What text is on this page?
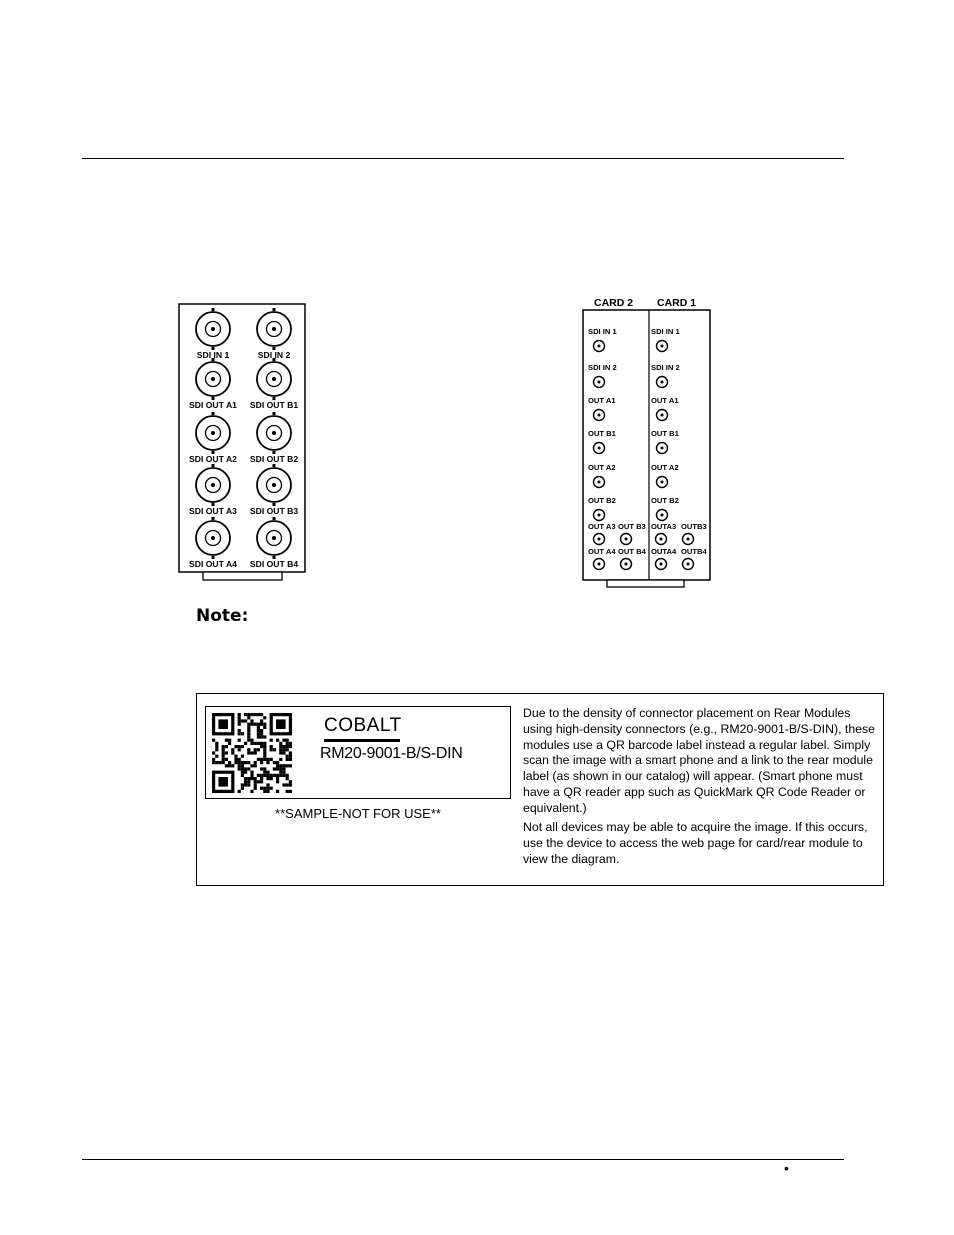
SDI IN 1	SDI IN 2
SDI OUT A1 SDI OUT B1
SDI OUT A2 SDI OUT B2
SDI OUT A3 SDI OUT B3
SDI OUT A4 SDI OUT B4
CARD 2 CARD 1
SDI IN 1
SDI IN 2
OUT A1
OUT B1
OUT A2
OUT B2
OUT A3 OUT B3
OUT A4 OUT B4
SDI IN 1
SDI IN 2
OUT A1
OUT B1
OUT A2
OUT B2
OUTA3 OUTB3
OUTA4 OUTB4
Note:
COBALT
RM20-9001-B/S-DIN
**SAMPLE-NOT FOR USE**
Due to the density of connector placement on Rear Modules using high-density connectors (e.g., RM20-9001-B/S-DIN), these modules use a QR barcode label instead a regular label. Simply scan the image with a smart phone and a link to the rear module label (as shown in our catalog) will appear. (Smart phone must have a QR reader app such as QuickMark QR Code Reader or equivalent.)
Not all devices may be able to acquire the image. If this occurs, use the device to access the web page for card/rear module to view the diagram.
•
